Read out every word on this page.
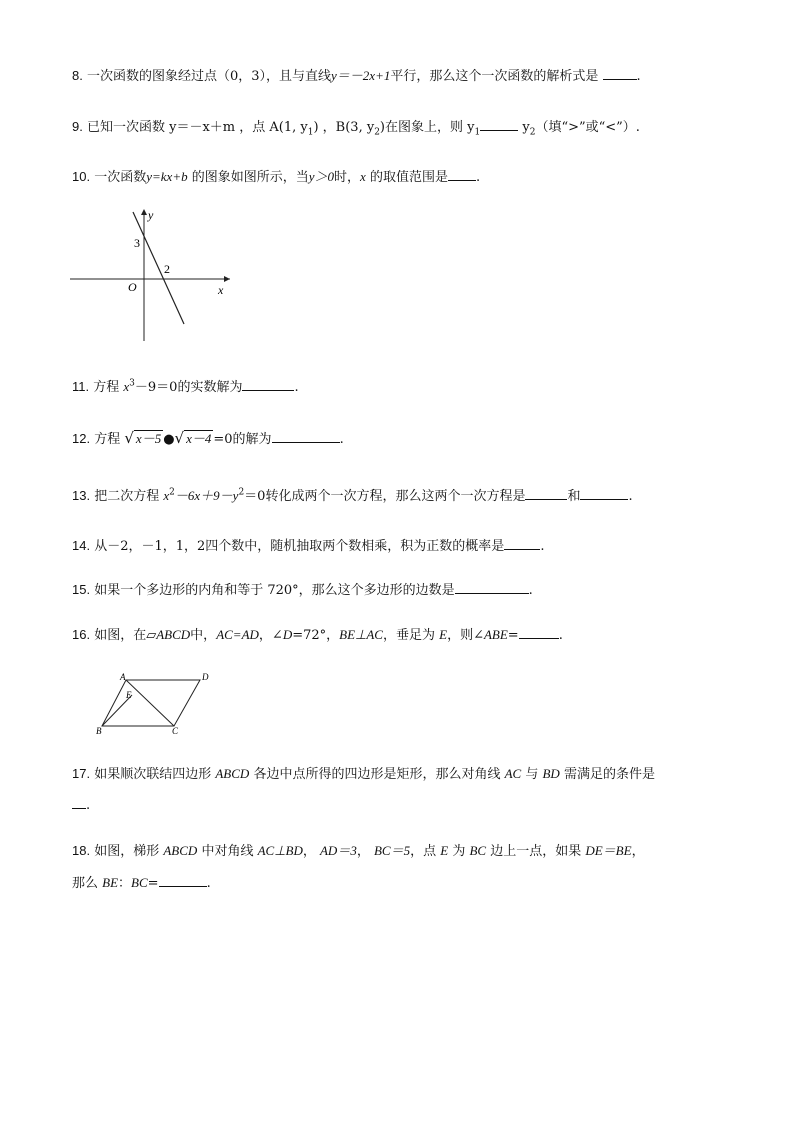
8. 一次函数的图象经过点（0，3），且与直线y＝－2x+1平行，那么这个一次函数的解析式是	.
9. 已知一次函数 y＝－x＋m ，点 A(1, $y_1$) ，B(3, $y_2$)在图象上，则 $y_1$	$y_2$（填“>”或“<”）.
10. 一次函数y=kx+b 的图象如图所示，当y＞0时，x 的取值范围是 .
y
x
O
3
2
11. 方程 $x^3-9=0$的实数解为	.
12. 方程 √ x－5 ●√ x－4 =0的解为	.
13. 把二次方程 $x^2-6x+9-y^2=0$转化成两个一次方程，那么这两个一次方程是	和	.
14. 从－2，－1，1，2四个数中，随机抽取两个数相乘，积为正数的概率是	.
15. 如果一个多边形的内角和等于 720°，那么这个多边形的边数是	.
16. 如图，在▱ABCD中，AC=AD，∠D=72°，BE⊥AC，垂足为 E，则∠ABE=	.
A	D
B	C
E
17. 如果顺次联结四边形 ABCD 各边中点所得的四边形是矩形，那么对角线 AC 与 BD 需满足的条件是
.
18. 如图，梯形 ABCD 中对角线 AC⊥BD， AD＝3， BC＝5，点 E 为 BC 边上一点，如果 DE＝BE，
那么 BE：BC=	.
